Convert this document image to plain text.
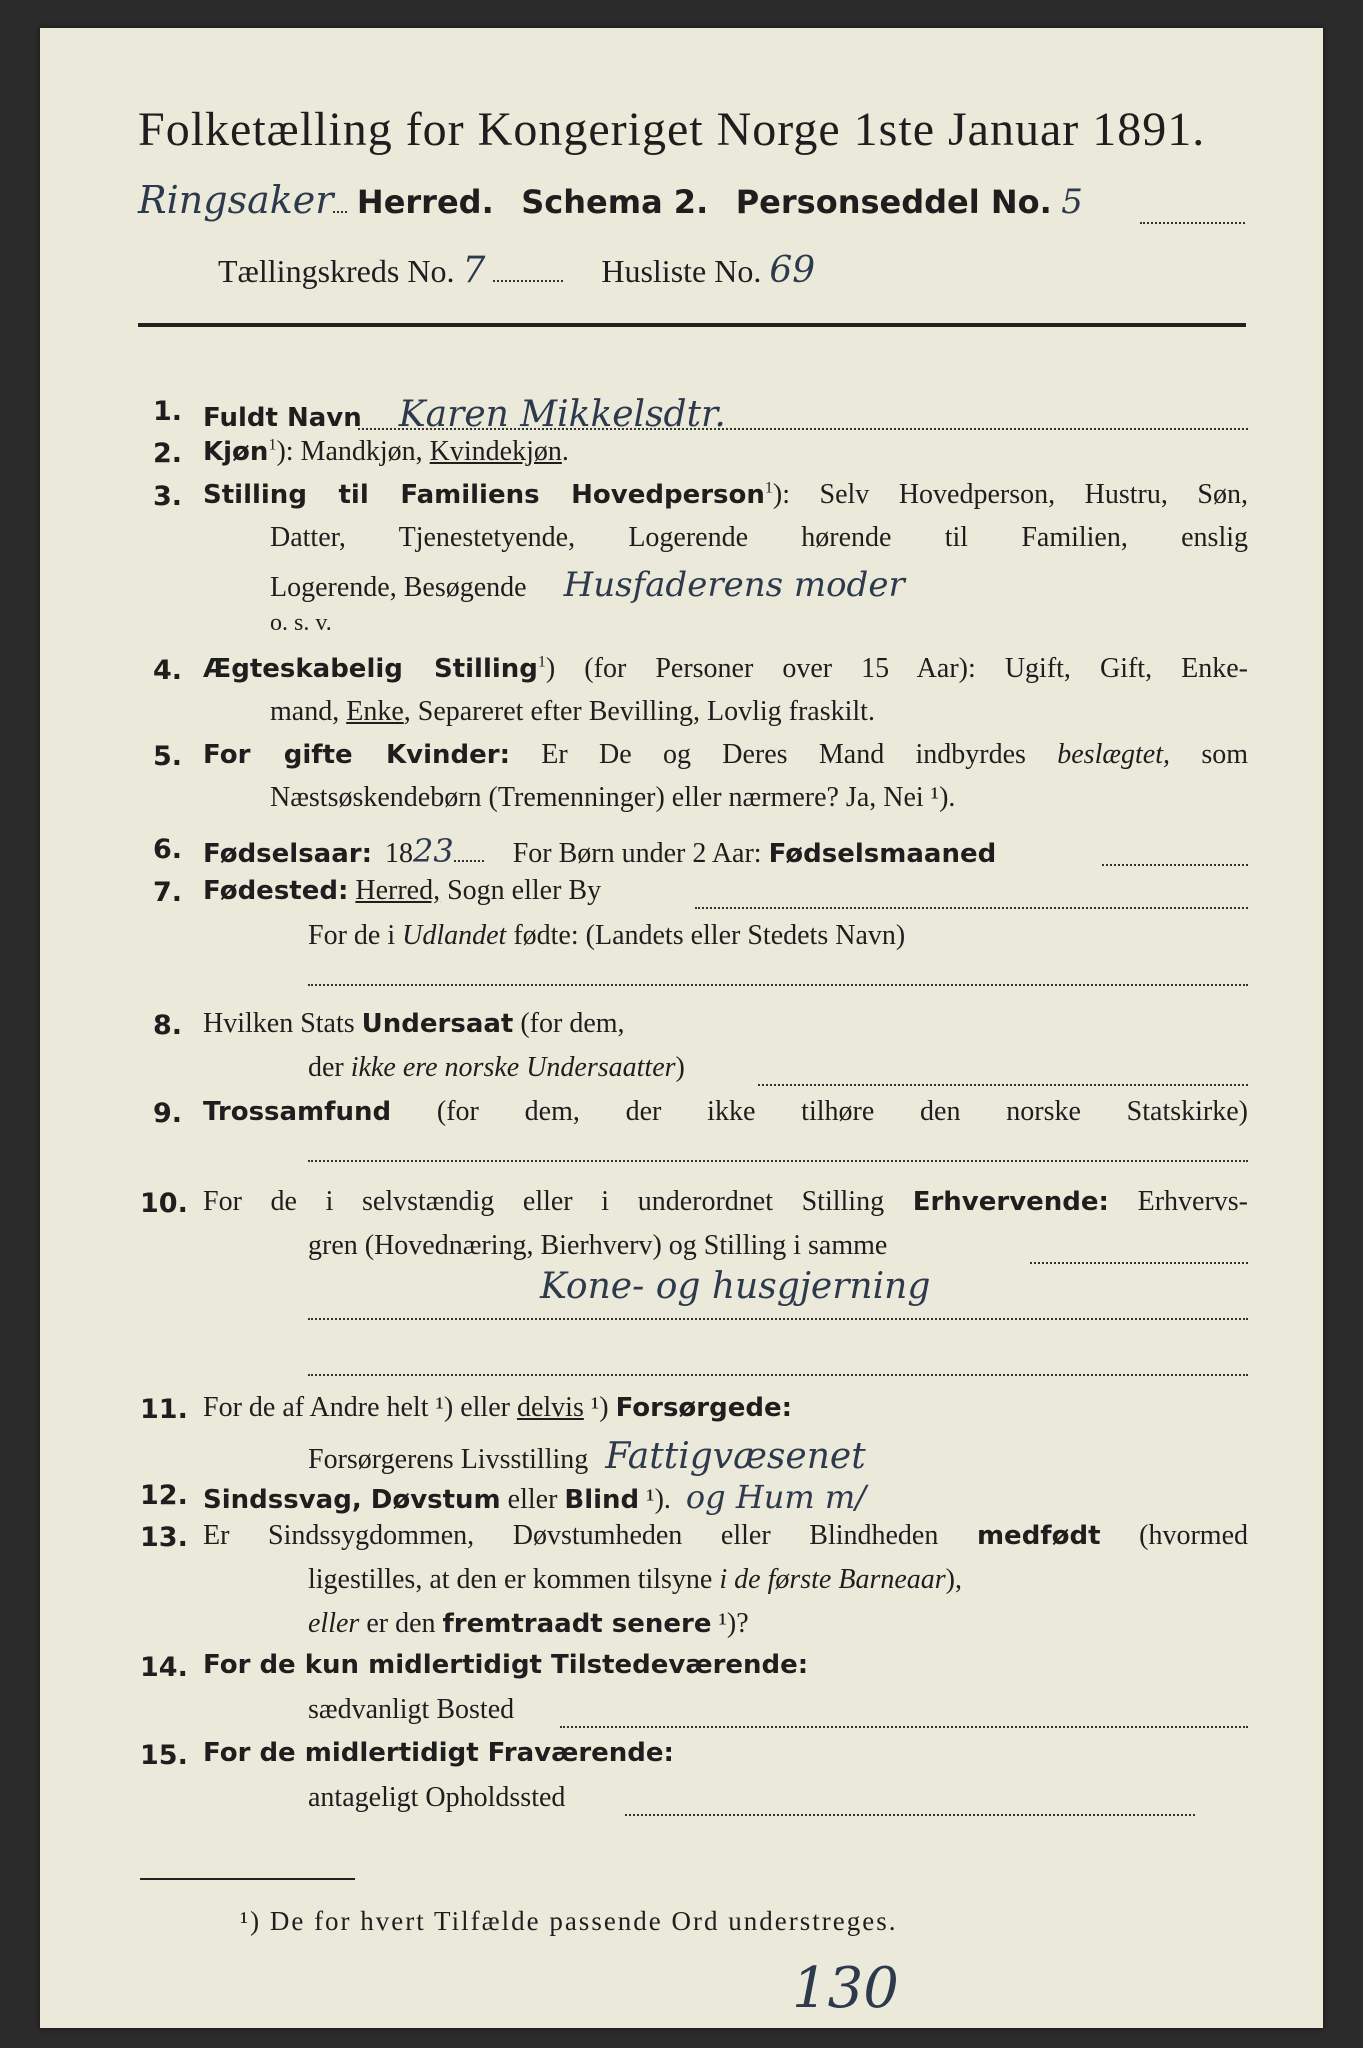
Folketælling for Kongeriget Norge 1ste Januar 1891.
Ringsaker Herred. Schema 2. Personseddel No. 5
Tællingskreds No. 7	Husliste No. 69
1. Fuldt Navn Karen Mikkelsdtr.
2. Kjøn$^1$): Mandkjøn, Kvindekjøn.
3. Stilling til Familiens Hovedperson$^1$): Selv Hovedperson, Hustru, Søn,
Datter, Tjenestetyende, Logerende hørende til Familien, enslig
Logerende, Besøgende Husfaderens moder
o. s. v.
4. Ægteskabelig Stilling$^1$) (for Personer over 15 Aar): Ugift, Gift, Enke-
mand, Enke, Separeret efter Bevilling, Lovlig fraskilt.
5. For gifte Kvinder: Er De og Deres Mand indbyrdes beslægtet, som
Næstsøskendebørn (Tremenninger) eller nærmere? Ja, Nei ¹).
6. Fødselsaar: 1823 For Børn under 2 Aar: Fødselsmaaned
7. Fødested: Herred, Sogn eller By
For de i Udlandet fødte: (Landets eller Stedets Navn)
8. Hvilken Stats Undersaat (for dem,
der ikke ere norske Undersaatter)
9. Trossamfund (for dem, der ikke tilhøre den norske Statskirke)
10. For de i selvstændig eller i underordnet Stilling Erhvervende: Erhvervs-
gren (Hovednæring, Bierhverv) og Stilling i samme
Kone- og husgjerning
11. For de af Andre helt ¹) eller delvis ¹) Forsørgede:
Forsørgerens Livsstilling Fattigvæsenet
12. Sindssvag, Døvstum eller Blind ¹). og Hum m/
13. Er Sindssygdommen, Døvstumheden eller Blindheden medfødt (hvormed
ligestilles, at den er kommen tilsyne i de første Barneaar),
eller er den fremtraadt senere ¹)?
14. For de kun midlertidigt Tilstedeværende:
sædvanligt Bosted
15. For de midlertidigt Fraværende:
antageligt Opholdssted
¹) De for hvert Tilfælde passende Ord understreges.
130
